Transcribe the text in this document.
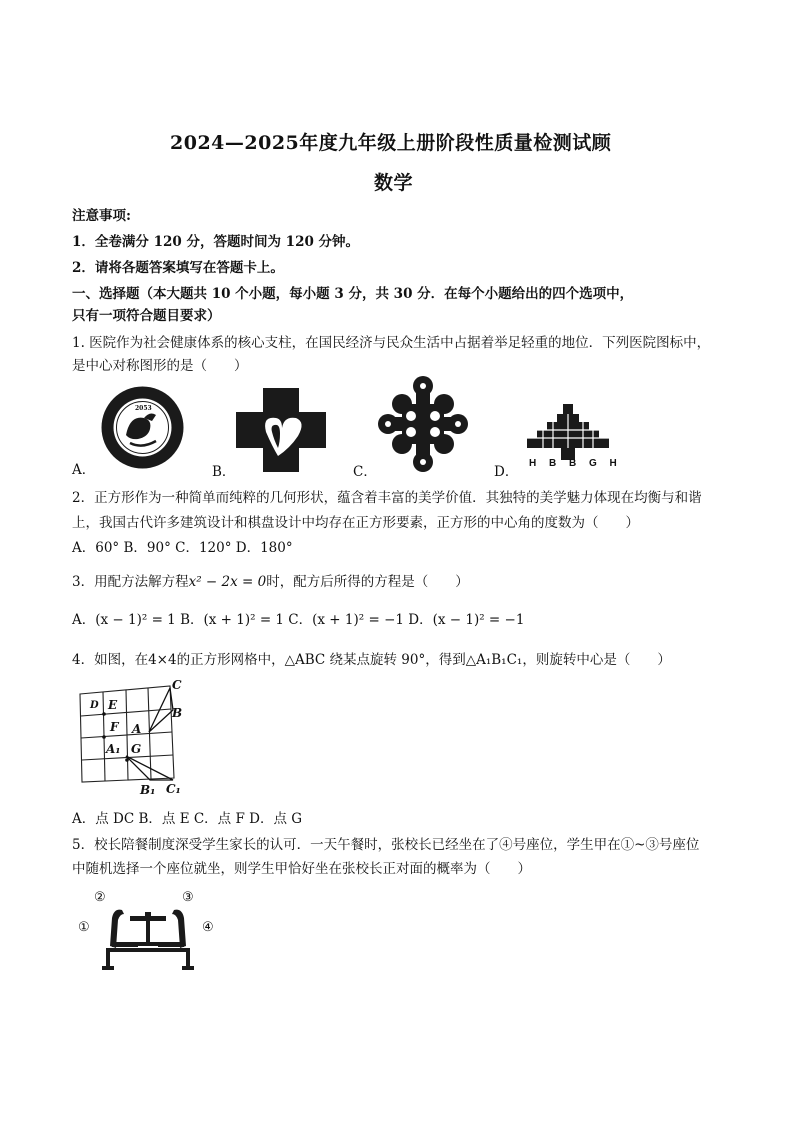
2024—2025年度九年级上册阶段性质量检测试顾
数学
注意事项:
1．全卷满分 120 分，答题时间为 120 分钟。
2．请将各题答案填写在答题卡上。
一、选择题（本大题共 10 个小题，每小题 3 分，共 30 分．在每个小题给出的四个选项中，
只有一项符合题目要求）
1. 医院作为社会健康体系的核心支柱，在国民经济与民众生活中占据着举足轻重的地位．下列医院图标中，
是中心对称图形的是（　　）
2053
A．	B．	C．
H B B G H
D．
2．正方形作为一种简单而纯粹的几何形状，蕴含着丰富的美学价值．其独特的美学魅力体现在均衡与和谐
上，我国古代许多建筑设计和棋盘设计中均存在正方形要素，正方形的中心角的度数为（　　）
A．60° B．90° C．120° D．180°
3．用配方法解方程x² − 2x = 0时，配方后所得的方程是（　　）
A．(x − 1)² = 1 B．(x + 1)² = 1 C．(x + 1)² = −1 D．(x − 1)² = −1
4．如图，在4×4的正方形网格中，△ABC 绕某点旋转 90°，得到△A₁B₁C₁，则旋转中心是（　　）
C
B
E
D
F A
A₁ G
B₁ C₁
A．点 DC B．点 E C．点 F D．点 G
5．校长陪餐制度深受学生家长的认可．一天午餐时，张校长已经坐在了④号座位，学生甲在①~③号座位
中随机选择一个座位就坐，则学生甲恰好坐在张校长正对面的概率为（　　）
②	③
①	④
